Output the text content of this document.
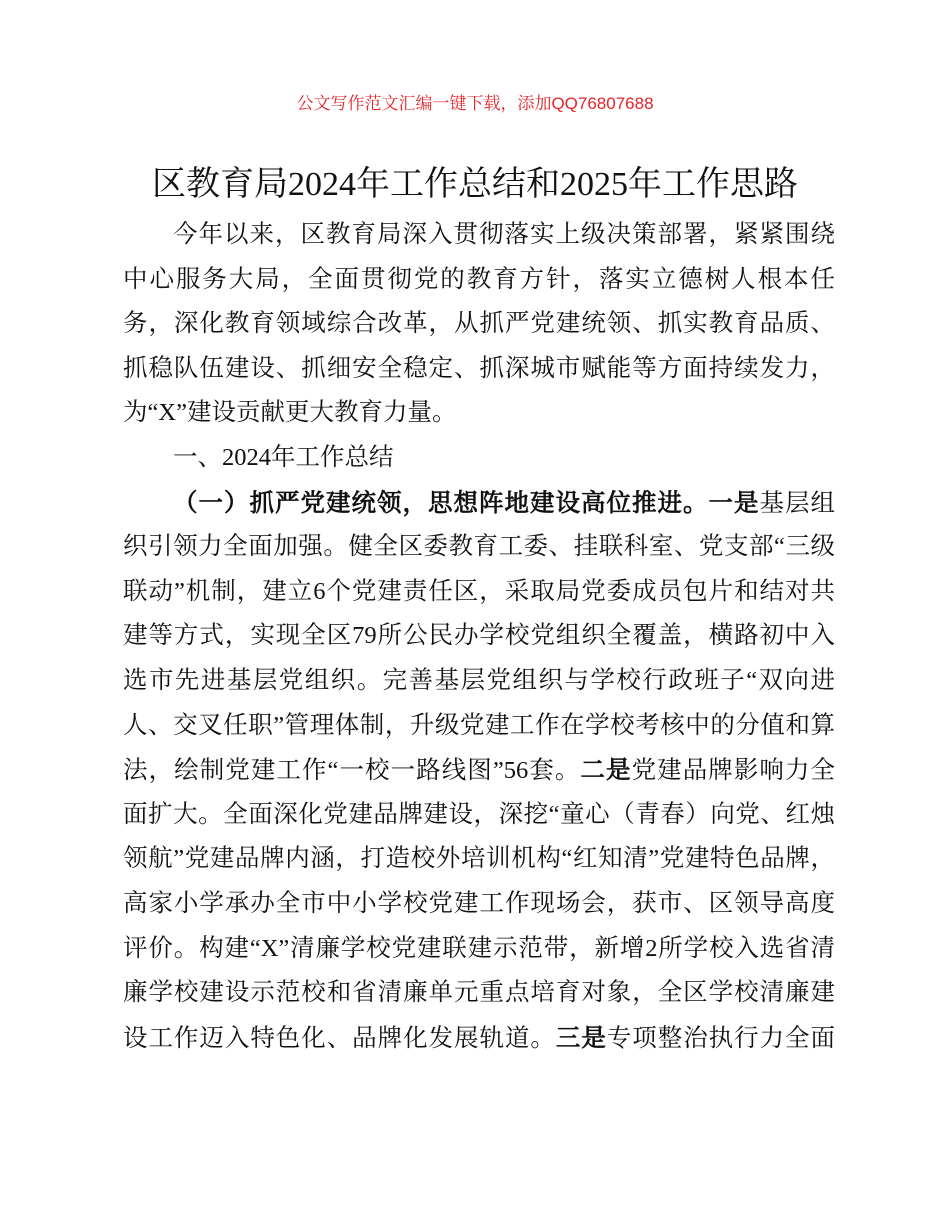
公文写作范文汇编一键下载，添加QQ76807688
区教育局2024年工作总结和2025年工作思路
今年以来，区教育局深入贯彻落实上级决策部署，紧紧围绕
中心服务大局，全面贯彻党的教育方针，落实立德树人根本任
务，深化教育领域综合改革，从抓严党建统领、抓实教育品质、
抓稳队伍建设、抓细安全稳定、抓深城市赋能等方面持续发力，
为“X”建设贡献更大教育力量。
一、2024年工作总结
（一）抓严党建统领，思想阵地建设高位推进。一是基层组
织引领力全面加强。健全区委教育工委、挂联科室、党支部“三级
联动”机制，建立6个党建责任区，采取局党委成员包片和结对共
建等方式，实现全区79所公民办学校党组织全覆盖，横路初中入
选市先进基层党组织。完善基层党组织与学校行政班子“双向进
人、交叉任职”管理体制，升级党建工作在学校考核中的分值和算
法，绘制党建工作“一校一路线图”56套。二是党建品牌影响力全
面扩大。全面深化党建品牌建设，深挖“童心（青春）向党、红烛
领航”党建品牌内涵，打造校外培训机构“红知清”党建特色品牌，
高家小学承办全市中小学校党建工作现场会，获市、区领导高度
评价。构建“X”清廉学校党建联建示范带，新增2所学校入选省清
廉学校建设示范校和省清廉单元重点培育对象，全区学校清廉建
设工作迈入特色化、品牌化发展轨道。三是专项整治执行力全面
